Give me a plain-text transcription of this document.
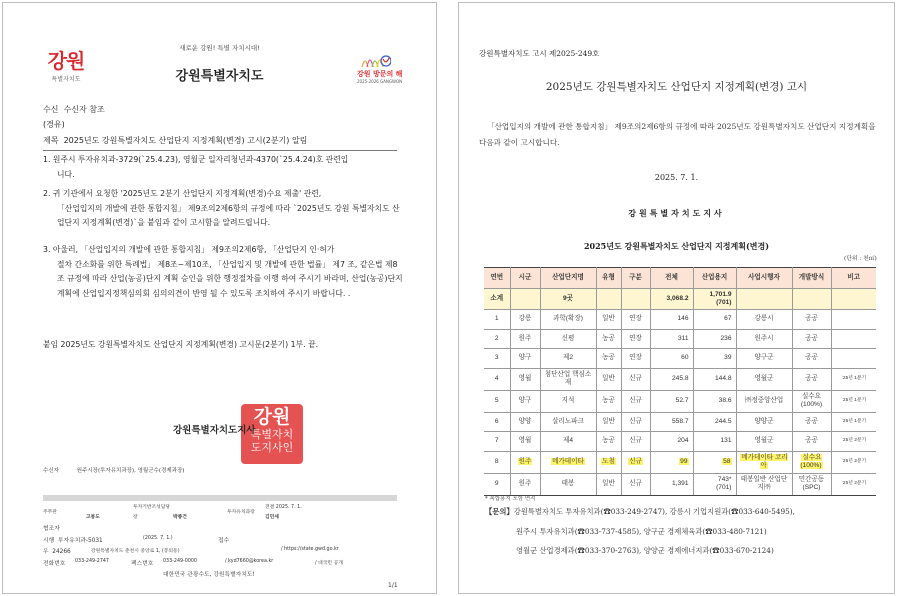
새로운 강원! 특별 자치시대!
강원
특별자치도	강원특별자치도	강원 방문의 해
2025-2026 GANGWON
수신 수신자 참조
(경유)
제목 2025년도 강원특별자치도 산업단지 지정계획(변경) 고시(2분기) 알림
1. 원주시 투자유치과-3729(`25.4.23), 영월군 일자리청년과-4370(`25.4.24)호 관련입
니다.
2. 귀 기관에서 요청한 '2025년도 2분기 산업단지 지정계획(변경)수요 제출' 관련,
「산업입지의 개발에 관한 통합지침」 제9조의2제6항의 규정에 따라 `2025년도 강원 특별자치도 산업단지 지정계획(변경)`을 붙임과 같이 고시함을 알려드립니다.
3. 아울러, 「산업입지의 개발에 관한 통합지침」 제9조의2제6항, 「산업단지 인·허가
절차 간소화를 위한 특례법」 제8조~제10조, 「산업입지 및 개발에 관한 법률」 제7 조, 같은법 제8조 규정에 따라 산업(농공)단지 계획 승인을 위한 행정절차를 이행 하여 주시기 바라며, 산업(농공)단지 계획에 산업입지정책심의회 심의의견이 반영 될 수 있도록 조치하여 주시기 바랍니다. .
붙임 2025년도 강원특별자치도 산업단지 지정계획(변경) 고시문(2분기) 1부. 끝.
강원
특별자치
도지사인
강원특별자치도지사
수신자	원주시장(투자유치과장), 영월군수(경제과장)
주무관
고봉도
투자기반조성담당
장	박종건
투자유치과장
전결 2025. 7. 1.
김민세
협조자
시행 투자유치과-5031	(2025. 7. 1.)	접수
우 24266	강원특별자치도 춘천시 중앙로 1, (봉의동)	/ https://state.gwd.go.kr
전화번호 033-249-2747	팩스번호 033-249-0000	/ kyd7660@korea.kr	/ 대국민 공개
대한민국 관광수도, 강원특별자치도!
1/1
강원특별자치도 고시 제2025-249호
2025년도 강원특별자치도 산업단지 지정계획(변경) 고시
「산업입지의 개발에 관한 통합지침」 제9조의2제6항의 규정에 따라 2025년도 강원특별자치도 산업단지 지정계획을 다음과 같이 고시합니다.
2025. 7. 1.
강원특별자치도지사
2025년도 강원특별자치도 산업단지 지정계획(변경)
(단위 : 천㎡)
연번	시군	산업단지명	유형	구분	전체	산업용지	사업시행자	개발방식	비고
소계		9곳			3,068.2	1,701.9
(701)			

1	강릉	과학(확장)	일반	연장	146	67	강릉시	공공	
2	원주	신평	농공	연장	311	236	원주시	공공	
3	양구	제2	농공	연장	60	39	양구군	공공	
4	영월	첨단산업 핵심소재	일반	신규	245.8	144.8	영월군	공공	`25년 1분기
5	양구	지석	농공	신규	52.7	38.6	㈜정중앙산업	실수요 (100%)	`25년 1분기
6	양양	살리노파크	일반	신규	558.7	244.5	양양군	공공	`25년 1분기
7	영월	제4	농공	신규	204	131	영월군	공공	`25년 2분기
8	원주	메가데이타	도첨	신규	99	58	메가데이타 코리아	실수요 (100%)	`25년 2분기
9	원주	태봉	일반	신규	1,391	743*
(701)	태봉일반 산업단지㈜	민간공동 (SPC)	`25년 2분기
* 복합용지 포함 면적
【문의】강원특별자치도 투자유치과(☎033-249-2747), 강릉시 기업지원과(☎033-640-5495),
원주시 투자유치과(☎033-737-4585), 양구군 경제체육과(☎033-480-7121)
영월군 산업경제과(☎033-370-2763), 양양군 경제에너지과(☎033-670-2124)
